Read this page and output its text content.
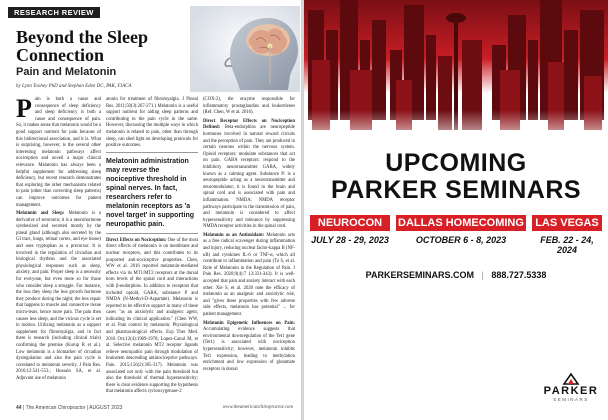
RESEARCH REVIEW
Beyond the Sleep Connection
Pain and Melatonin
by Lynn Toohey PhD and Stephan Eden DC, PAK, FIACA

Pain is both a cause and consequence of sleep deficiency and sleep deficiency is both a cause and consequence of pain. So, it makes sense that melatonin would be a good support nutrient for pain because of this bidirectional association, and it is. What is surprising, however, is the several other interesting melatonin pathways affect nociception and unveil a major clinical relevance. Melatonin has always been a helpful supplement for addressing sleep deficiency, but recent research demonstrates that exploring the other mechanisms related to pain (other than correcting sleep patterns) can improve outcomes for patient management.

Melatonin and Sleep: Melatonin is a derivative of serotonin; it is a neurohormone synthesized and secreted mostly by the pineal gland (although also secreted by the GI tract, lungs, retinal cortex, and eye tissue) and uses tryptophan as a precursor. It is involved in the regulation of circadian and biological rhythms and the associated physiological responses such as sleep, anxiety, and pain. Proper sleep is a necessity for everyone, but even more so for those who consider sleep a struggle. For instance, the loss they sleep the less growth hormone they produce during the night; the less repair that happens to muscle and connective tissue micro-tears, hence more pain. The pain then causes less sleep, and the vicious cycle is set in motion. Utilizing melatonin as a support supplement for fibromyalgia, and in fact there is research (including clinical trials) confirming the premise (Kurup R et al.). Low melatonin is a biomarker of circadian dysregulation and also the pain cycle is correlated to melatonin severity. J Pain Res. 2016;12:541-553.; Hussain SA, et al. Adjuvant use of melatonin

atonin for treatment of fibromyalgia. J Pineal Res. 2011;50(3):267-271.) Melatonin is a useful support nutrient for aiding sleep patterns and contributing to the pain cycle in the same. However, discussing the multiple ways in which melatonin is related to pain, other than through sleep, can shed light on developing protocols for positive outcomes.

Melatonin administration may reverse the nociceptive threshold in spinal nerves. In fact, researchers refer to melatonin receptors as 'a novel target' in supporting neuropathic pain.

Direct Effects on Nociception: One of the most direct effects of melatonin is on membrane and nuclear receptors, and this contributes to its purported anti-nociceptive properties. Chen, WW et al. 2016 reported melatonin-mediated effects via its MT1/MT2 receptors at the dorsal horn levels of the spinal cord and interactions with β-endorphins. In addition to receptors that included opioid, GABA, substance P and NMDA (N-Methyl-D-Aspartate). Melatonin is reported to be effective support in many of these cases "as an anxiolytic and analgesic agent, indicating its clinical application." (Chen WW, et al. Pain control by melatonin: Physiological and pharmacological effects. Exp Ther Med. 2016 Oct;12(4):1969-1976; Lopez-Canul M, et al. Selective melatonin MT2 receptor ligands relieve neuropathic pain through modulation of brainstem descending antinociceptive pathways. Pain. 2015;156(2):305-317). Melatonin was associated not only with the pain threshold but also the threshold of thermal hypersensitivity; there is clear evidence supporting the hypothesis that melatonin affects cyclooxygenase-2

(COX-2), the enzyme responsible for inflammatory prostaglandins and leukotrienes (Ref. Chen, W et al. 2016).

Direct Receptor Effects on Nociception Defined: Beta-endorphins are neuropeptide hormones involved in natural reward circuits and the perception of pain. They are produced in certain neurons within the nervous system. Opioid receptors: modulate substances that act on pain. GABA receptors: respond to the inhibitory neurotransmitter GABA, widely known as a calming agent. Substance P: is a neuropeptide acting as a neurotransmitter and neuromodulator; it is found in the brain and spinal cord and is associated with pain and inflammation. NMDA: NMDA receptor pathways participate in the transmission of pain, and melatonin is considered to affect hypersensitivity and tolerance by suppressing NMDA receptor activities in the spinal cord.

Melatonin as an Antioxidant: Melatonin acts as a free radical scavenger during inflammation and injury, reducing nuclear factor-kappa B (NF-κB) and cytokines IL-6 or TNF-α, which all contribute to inflammation and pain (Tu S, et al. Role of Melatonin in the Regulation of Pain. J Pain Res. 2020;9(4):7 13:331-343). It is well-accepted that pain and anxiety interact with each other. Xie S, et al. 2020 note the efficacy of melatonin as an analgesic and anxiolytic role, and "gives these properties with few adverse side effects, melatonin has potential" ... for patient management.

Melatonin Epigenetic Influences on Pain: Accumulating evidence suggests that environmental downregulation of the Tet1 gene (Tet1) is associated with nociception hypersensitivity; however, melatonin inhibits Tet1 expression, leading to methylation enrichment and low expression of glutamate receptors in dorsal

44 | The American Chiropractor | AUGUST 2023	www.theamericanchiropractor.com
UPCOMING
PARKER SEMINARS
NEUROCON
JULY 28 - 29, 2023
DALLAS HOMECOMING
OCTOBER 6 - 8, 2023
LAS VEGAS
FEB. 22 - 24, 2024
PARKERSEMINARS.COM | 888.727.5338
PARKER
SEMINARS
